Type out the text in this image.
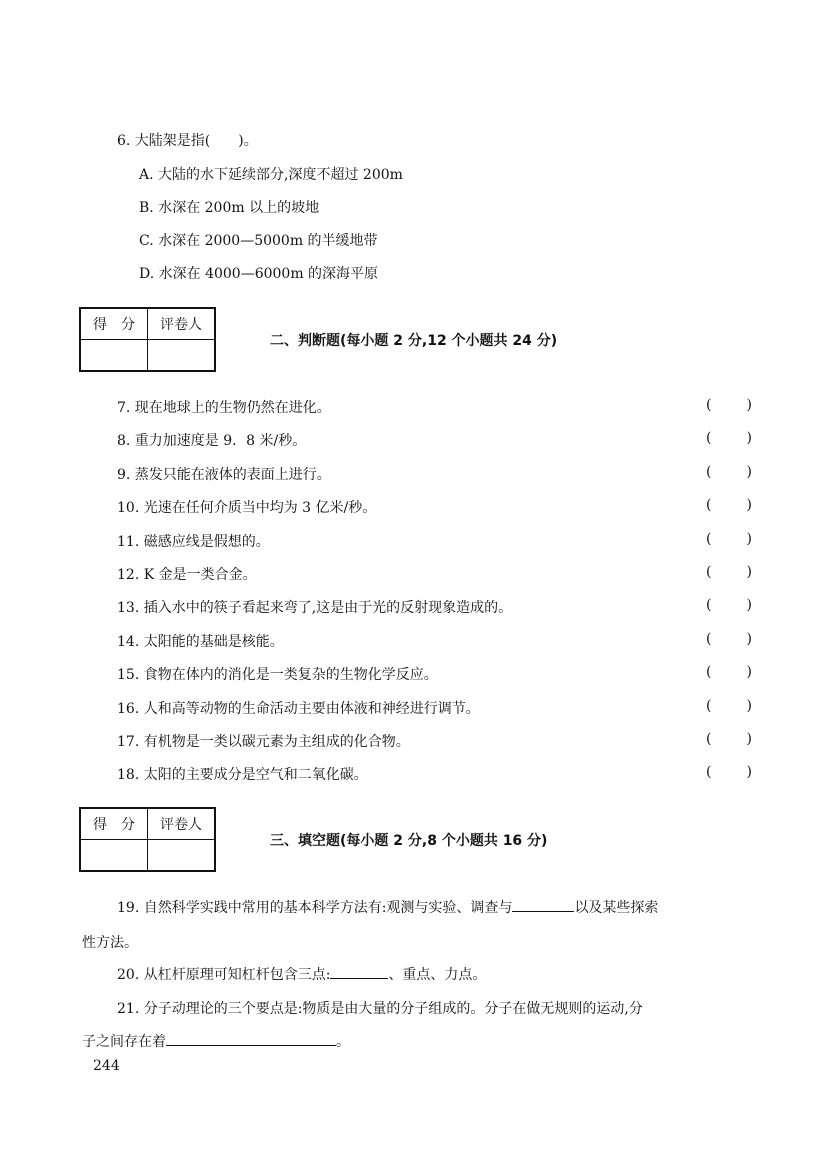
6. 大陆架是指(　　)。
A. 大陆的水下延续部分,深度不超过 200m
B. 水深在 200m 以上的坡地
C. 水深在 2000—5000m 的半缓地带
D. 水深在 4000—6000m 的深海平原
得　分	评卷人

二、判断题(每小题 2 分,12 个小题共 24 分)
7. 现在地球上的生物仍然在进化。	(	)
8. 重力加速度是 9．8 米/秒。	(	)
9. 蒸发只能在液体的表面上进行。	(	)
10. 光速在任何介质当中均为 3 亿米/秒。	(	)
11. 磁感应线是假想的。	(	)
12. K 金是一类合金。	(	)
13. 插入水中的筷子看起来弯了,这是由于光的反射现象造成的。	(	)
14. 太阳能的基础是核能。	(	)
15. 食物在体内的消化是一类复杂的生物化学反应。	(	)
16. 人和高等动物的生命活动主要由体液和神经进行调节。	(	)
17. 有机物是一类以碳元素为主组成的化合物。	(	)
18. 太阳的主要成分是空气和二氧化碳。	(	)
得　分	评卷人

三、填空题(每小题 2 分,8 个小题共 16 分)
19. 自然科学实践中常用的基本科学方法有:观测与实验、调查与	以及某些探索
性方法。
20. 从杠杆原理可知杠杆包含三点:	、重点、力点。
21. 分子动理论的三个要点是:物质是由大量的分子组成的。分子在做无规则的运动,分
子之间存在着	。
244
